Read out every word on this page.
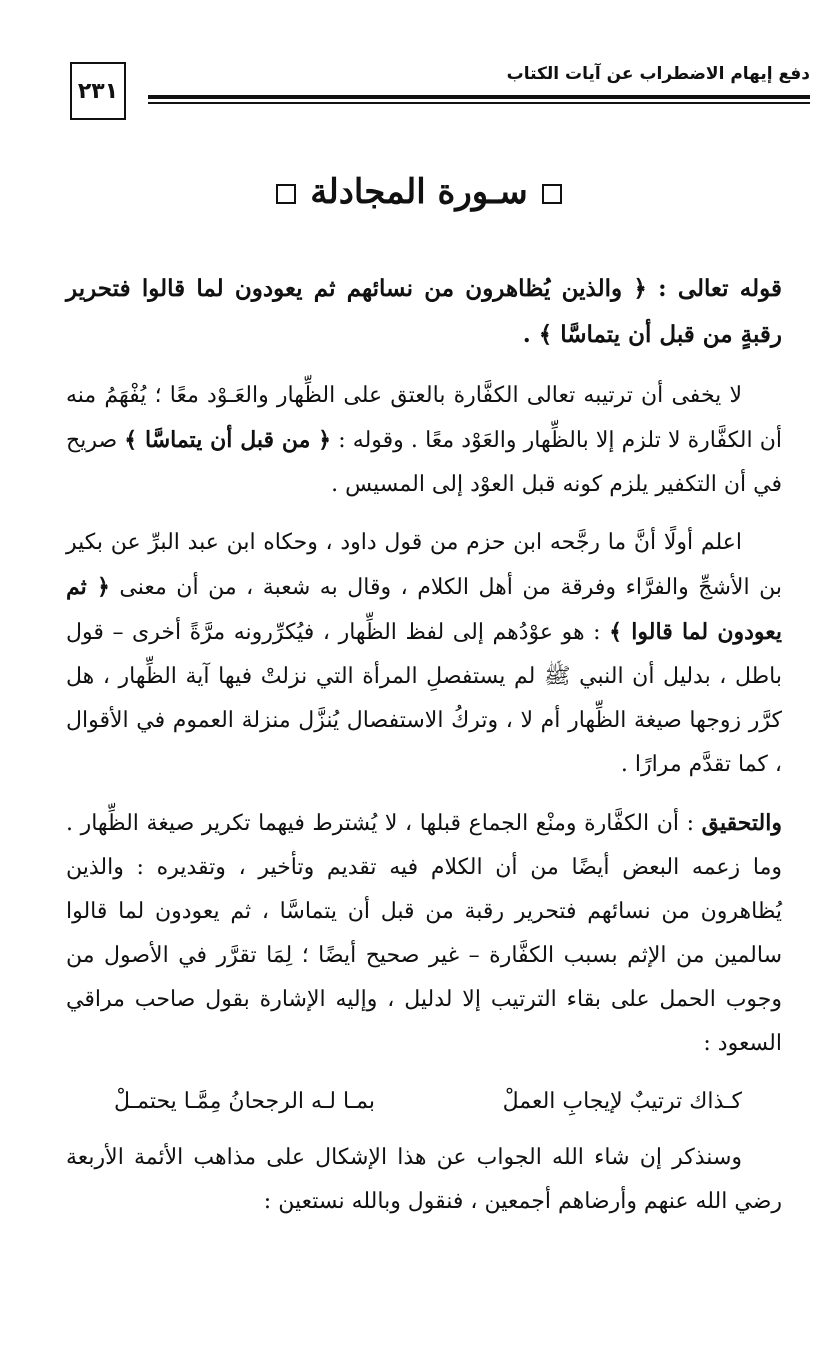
دفع إيهام الاضطراب عن آيات الكتاب
٢٣١
سـورة المجادلة

قوله تعالى : ﴿ والذين يُظاهرون من نسائهم ثم يعودون لما قالوا فتحرير رقبةٍ من قبل أن يتماسَّا ﴾ .

لا يخفى أن ترتيبه تعالى الكفَّارة بالعتق على الظِّهار والعَـوْد معًا ؛ يُفْهَمُ منه أن الكفَّارة لا تلزم إلا بالظِّهار والعَوْد معًا . وقوله : ﴿ من قبل أن يتماسَّا ﴾ صريح في أن التكفير يلزم كونه قبل العوْد إلى المسيس .

اعلم أولًا أنَّ ما رجَّحه ابن حزم من قول داود ، وحكاه ابن عبد البرِّ عن بكير بن الأشجِّ والفرَّاء وفرقة من أهل الكلام ، وقال به شعبة ، من أن معنى ﴿ ثم يعودون لما قالوا ﴾ : هو عوْدُهم إلى لفظ الظِّهار ، فيُكرِّرونه مرَّةً أخرى – قول باطل ، بدليل أن النبي ﷺ لم يستفصلِ المرأة التي نزلتْ فيها آية الظِّهار ، هل كرَّر زوجها صيغة الظِّهار أم لا ، وتركُ الاستفصال يُنزَّل منزلة العموم في الأقوال ، كما تقدَّم مرارًا .

والتحقيق : أن الكفَّارة ومنْع الجماع قبلها ، لا يُشترط فيهما تكرير صيغة الظِّهار . وما زعمه البعض أيضًا من أن الكلام فيه تقديم وتأخير ، وتقديره : والذين يُظاهرون من نسائهم فتحرير رقبة من قبل أن يتماسَّا ، ثم يعودون لما قالوا سالمين من الإثم بسبب الكفَّارة – غير صحيح أيضًا ؛ لِمَا تقرَّر في الأصول من وجوب الحمل على بقاء الترتيب إلا لدليل ، وإليه الإشارة بقول صاحب مراقي السعود :

كـذاك ترتيبٌ لإيجابِ العملْ
بمـا لـه الرجحانُ مِمَّـا يحتمـلْ

وسنذكر إن شاء الله الجواب عن هذا الإشكال على مذاهب الأئمة الأربعة رضي الله عنهم وأرضاهم أجمعين ، فنقول وبالله نستعين :
